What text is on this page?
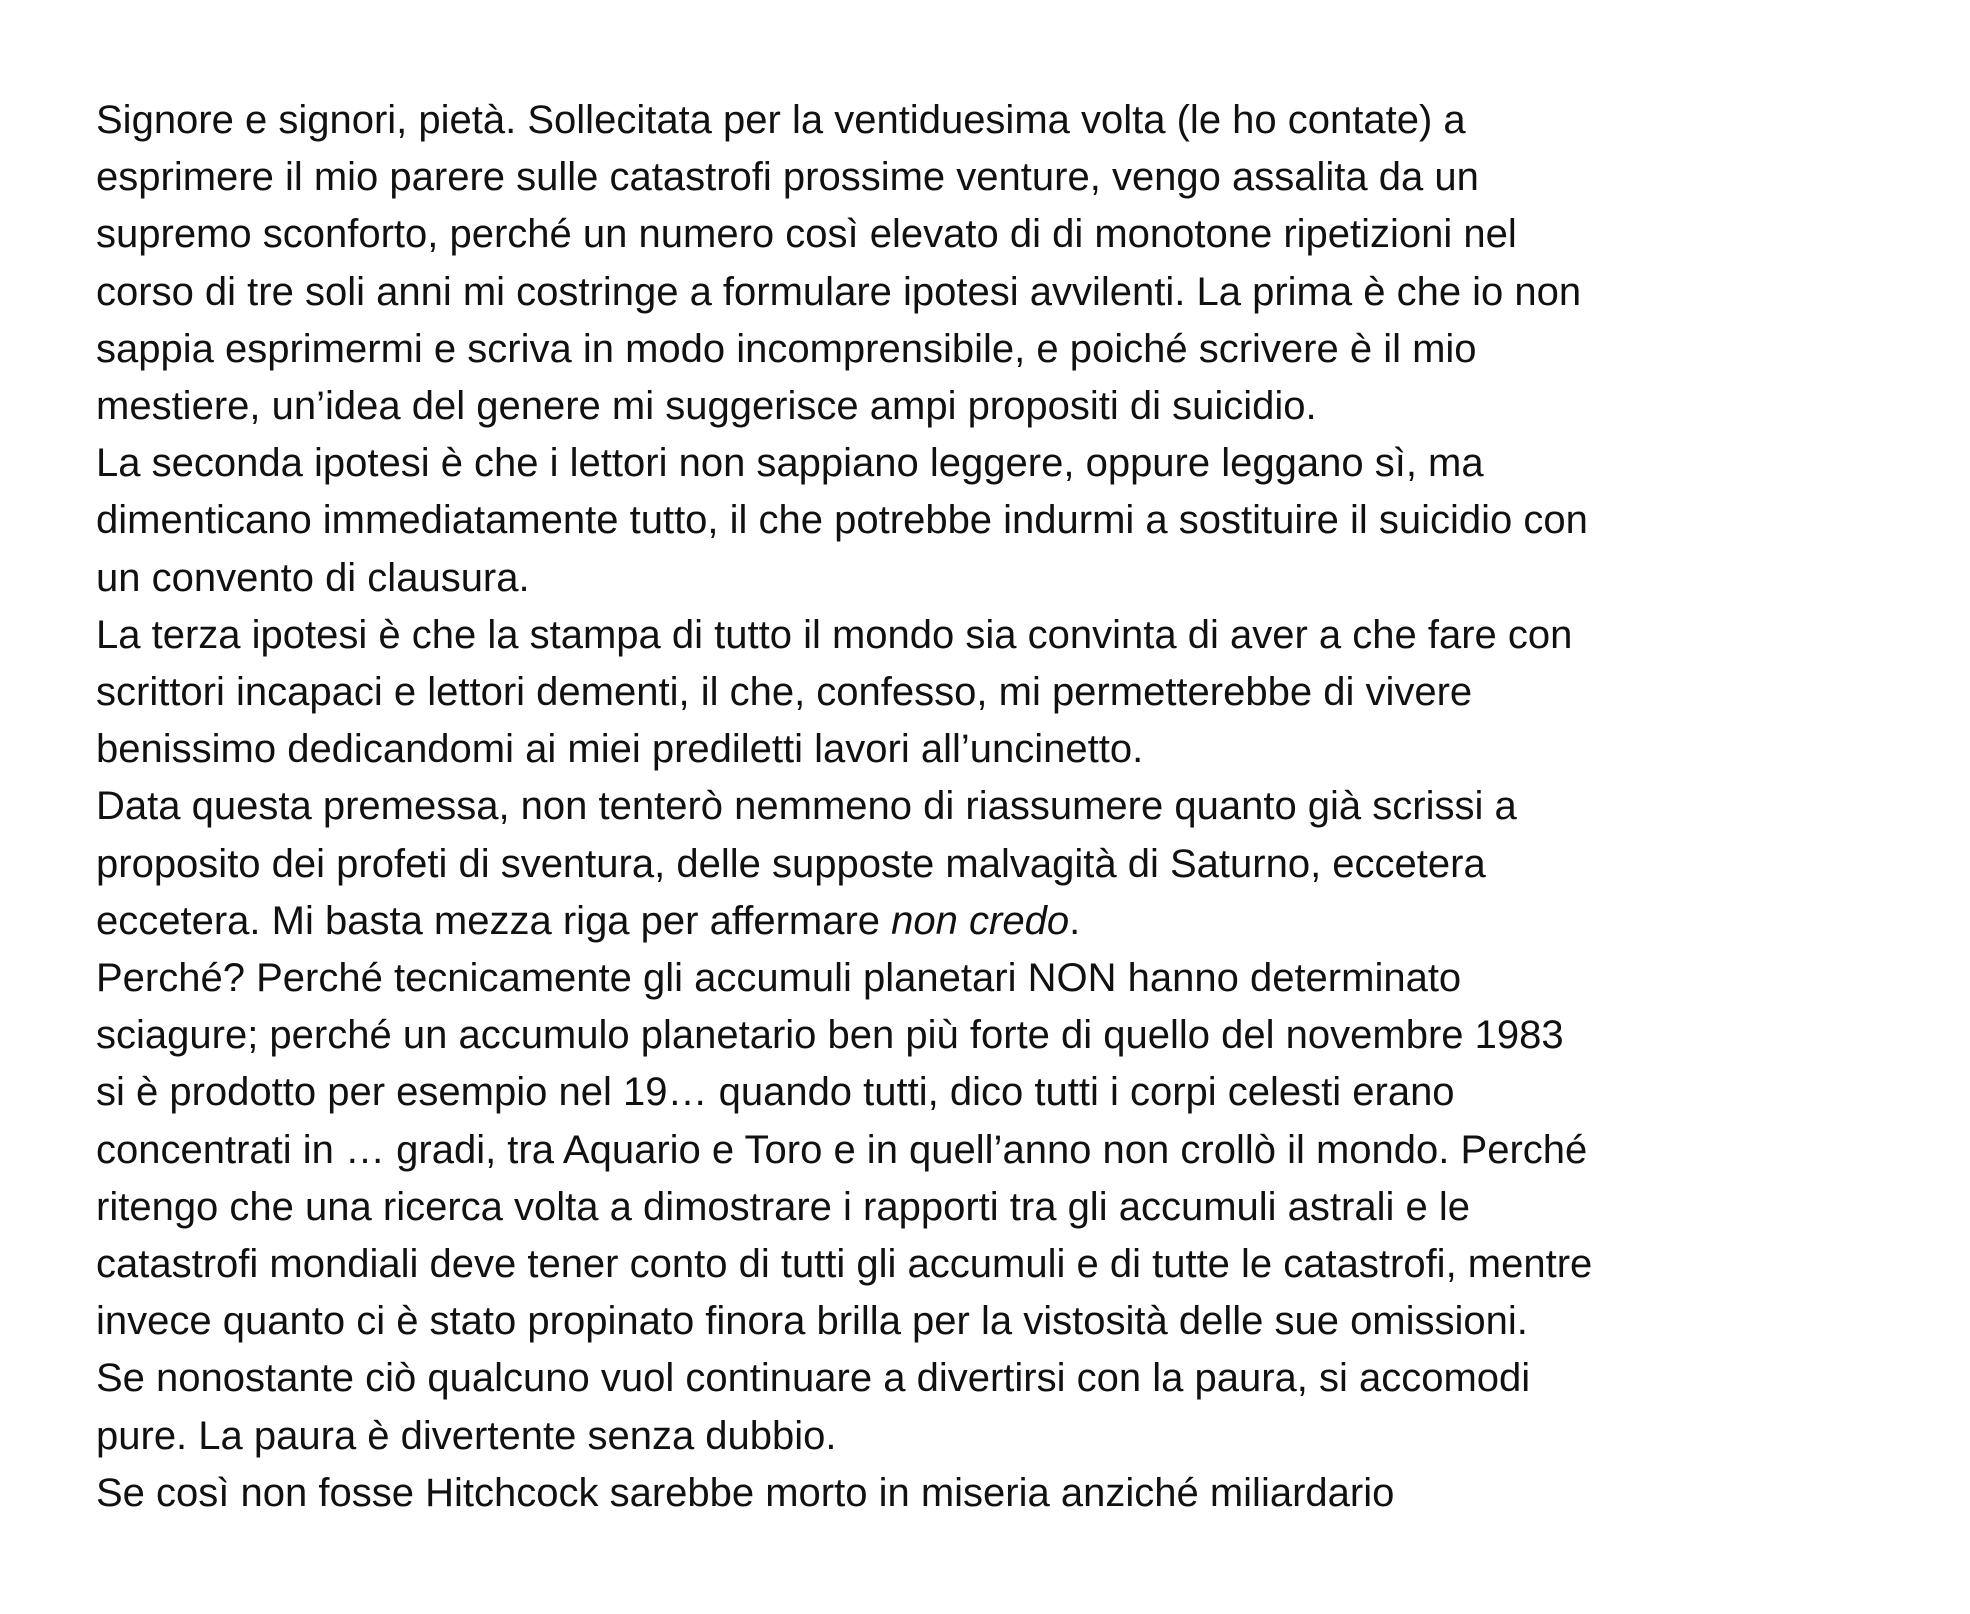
Signore e signori, pietà. Sollecitata per la ventiduesima volta (le ho contate) a
esprimere il mio parere sulle catastrofi prossime venture, vengo assalita da un
supremo sconforto, perché un numero così elevato di di monotone ripetizioni nel
corso di tre soli anni mi costringe a formulare ipotesi avvilenti. La prima è che io non
sappia esprimermi e scriva in modo incomprensibile, e poiché scrivere è il mio
mestiere, un’idea del genere mi suggerisce ampi propositi di suicidio.

La seconda ipotesi è che i lettori non sappiano leggere, oppure leggano sì, ma
dimenticano immediatamente tutto, il che potrebbe indurmi a sostituire il suicidio con
un convento di clausura.

La terza ipotesi è che la stampa di tutto il mondo sia convinta di aver a che fare con
scrittori incapaci e lettori dementi, il che, confesso, mi permetterebbe di vivere
benissimo dedicandomi ai miei prediletti lavori all’uncinetto.

Data questa premessa, non tenterò nemmeno di riassumere quanto già scrissi a
proposito dei profeti di sventura, delle supposte malvagità di Saturno, eccetera
eccetera. Mi basta mezza riga per affermare non credo.

Perché? Perché tecnicamente gli accumuli planetari NON hanno determinato
sciagure; perché un accumulo planetario ben più forte di quello del novembre 1983
si è prodotto per esempio nel 19… quando tutti, dico tutti i corpi celesti erano
concentrati in … gradi, tra Aquario e Toro e in quell’anno non crollò il mondo. Perché
ritengo che una ricerca volta a dimostrare i rapporti tra gli accumuli astrali e le
catastrofi mondiali deve tener conto di tutti gli accumuli e di tutte le catastrofi, mentre
invece quanto ci è stato propinato finora brilla per la vistosità delle sue omissioni.

Se nonostante ciò qualcuno vuol continuare a divertirsi con la paura, si accomodi
pure. La paura è divertente senza dubbio.

Se così non fosse Hitchcock sarebbe morto in miseria anziché miliardario
